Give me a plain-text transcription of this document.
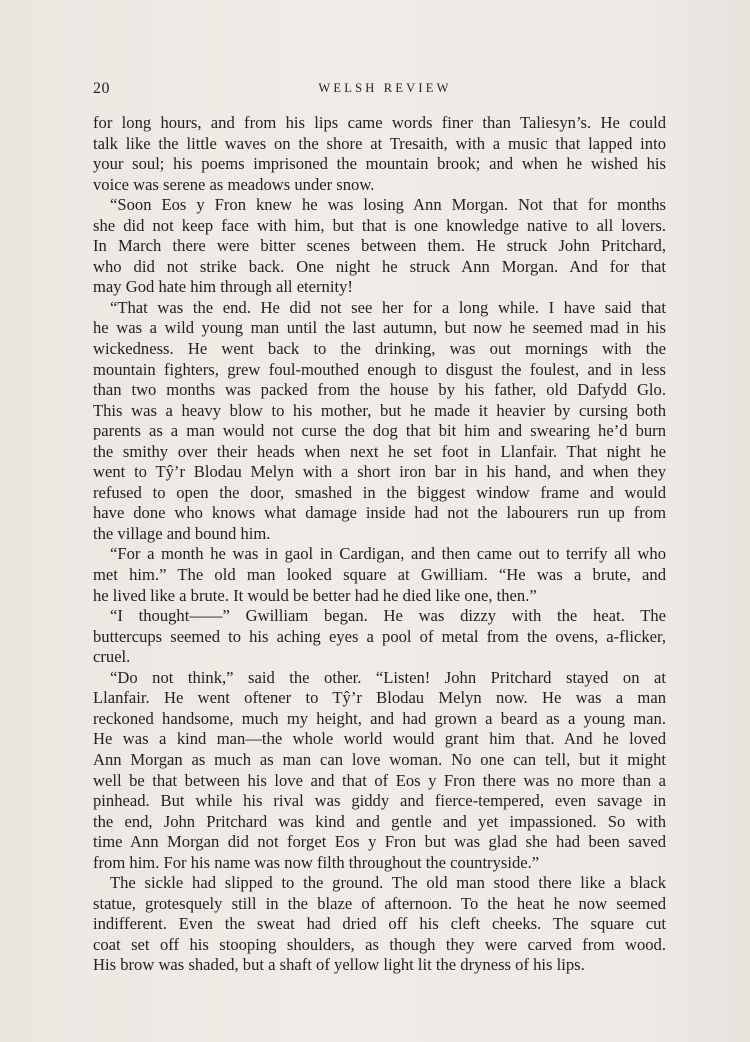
20	WELSH REVIEW
for long hours, and from his lips came words finer than Taliesyn’s. He could
talk like the little waves on the shore at Tresaith, with a music that lapped into
your soul; his poems imprisoned the mountain brook; and when he wished his
voice was serene as meadows under snow.
“Soon Eos y Fron knew he was losing Ann Morgan. Not that for months
she did not keep face with him, but that is one knowledge native to all lovers.
In March there were bitter scenes between them. He struck John Pritchard,
who did not strike back. One night he struck Ann Morgan. And for that
may God hate him through all eternity!
“That was the end. He did not see her for a long while. I have said that
he was a wild young man until the last autumn, but now he seemed mad in his
wickedness. He went back to the drinking, was out mornings with the
mountain fighters, grew foul-mouthed enough to disgust the foulest, and in less
than two months was packed from the house by his father, old Dafydd Glo.
This was a heavy blow to his mother, but he made it heavier by cursing both
parents as a man would not curse the dog that bit him and swearing he’d burn
the smithy over their heads when next he set foot in Llanfair. That night he
went to Tŷ’r Blodau Melyn with a short iron bar in his hand, and when they
refused to open the door, smashed in the biggest window frame and would
have done who knows what damage inside had not the labourers run up from
the village and bound him.
“For a month he was in gaol in Cardigan, and then came out to terrify all who
met him.” The old man looked square at Gwilliam. “He was a brute, and
he lived like a brute. It would be better had he died like one, then.”
“I thought——” Gwilliam began. He was dizzy with the heat. The
buttercups seemed to his aching eyes a pool of metal from the ovens, a-flicker,
cruel.
“Do not think,” said the other. “Listen! John Pritchard stayed on at
Llanfair. He went oftener to Tŷ’r Blodau Melyn now. He was a man
reckoned handsome, much my height, and had grown a beard as a young man.
He was a kind man—the whole world would grant him that. And he loved
Ann Morgan as much as man can love woman. No one can tell, but it might
well be that between his love and that of Eos y Fron there was no more than a
pinhead. But while his rival was giddy and fierce-tempered, even savage in
the end, John Pritchard was kind and gentle and yet impassioned. So with
time Ann Morgan did not forget Eos y Fron but was glad she had been saved
from him. For his name was now filth throughout the countryside.”
The sickle had slipped to the ground. The old man stood there like a black
statue, grotesquely still in the blaze of afternoon. To the heat he now seemed
indifferent. Even the sweat had dried off his cleft cheeks. The square cut
coat set off his stooping shoulders, as though they were carved from wood.
His brow was shaded, but a shaft of yellow light lit the dryness of his lips.
